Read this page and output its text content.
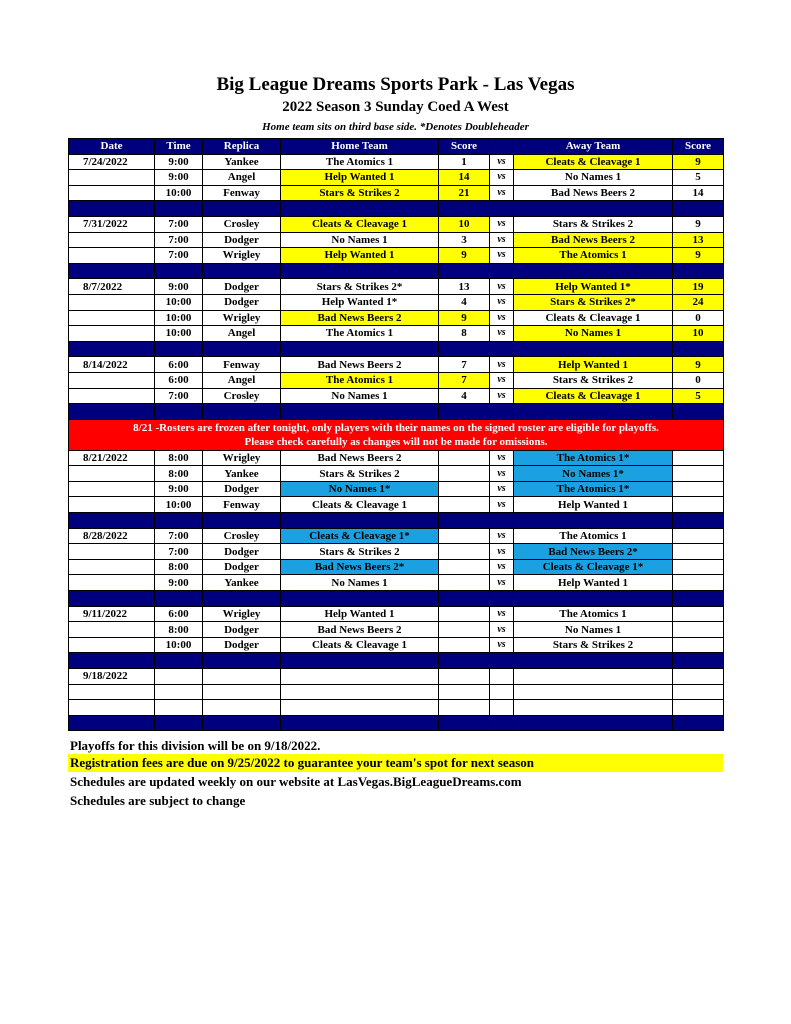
Big League Dreams Sports Park - Las Vegas
2022 Season 3 Sunday Coed A West
Home team sits on third base side. *Denotes Doubleheader
Date	Time	Replica	Home Team	Score		Away Team	Score
7/24/2022	9:00	Yankee	The Atomics 1	1	vs	Cleats & Cleavage 1	9
	9:00	Angel	Help Wanted 1	14	vs	No Names 1	5
	10:00	Fenway	Stars & Strikes 2	21	vs	Bad News Beers 2	14

7/31/2022	7:00	Crosley	Cleats & Cleavage 1	10	vs	Stars & Strikes 2	9
	7:00	Dodger	No Names 1	3	vs	Bad News Beers 2	13
	7:00	Wrigley	Help Wanted 1	9	vs	The Atomics 1	9

8/7/2022	9:00	Dodger	Stars & Strikes 2*	13	vs	Help Wanted 1*	19
	10:00	Dodger	Help Wanted 1*	4	vs	Stars & Strikes 2*	24
	10:00	Wrigley	Bad News Beers 2	9	vs	Cleats & Cleavage 1	0
	10:00	Angel	The Atomics 1	8	vs	No Names 1	10

8/14/2022	6:00	Fenway	Bad News Beers 2	7	vs	Help Wanted 1	9
	6:00	Angel	The Atomics 1	7	vs	Stars & Strikes 2	0
	7:00	Crosley	No Names 1	4	vs	Cleats & Cleavage 1	5

8/21 -Rosters are frozen after tonight, only players with their names on the signed roster are eligible for playoffs.
Please check carefully as changes will not be made for omissions.							

8/21/2022	8:00	Wrigley	Bad News Beers 2		vs	The Atomics 1*	
	8:00	Yankee	Stars & Strikes 2		vs	No Names 1*	
	9:00	Dodger	No Names 1*		vs	The Atomics 1*	
	10:00	Fenway	Cleats & Cleavage 1		vs	Help Wanted 1	

8/28/2022	7:00	Crosley	Cleats & Cleavage 1*		vs	The Atomics 1	
	7:00	Dodger	Stars & Strikes 2		vs	Bad News Beers 2*	
	8:00	Dodger	Bad News Beers 2*		vs	Cleats & Cleavage 1*	
	9:00	Yankee	No Names 1		vs	Help Wanted 1	

9/11/2022	6:00	Wrigley	Help Wanted 1		vs	The Atomics 1	
	8:00	Dodger	Bad News Beers 2		vs	No Names 1	
	10:00	Dodger	Cleats & Cleavage 1		vs	Stars & Strikes 2	

9/18/2022							

Playoffs for this division will be on 9/18/2022.
Registration fees are due on 9/25/2022 to guarantee your team's spot for next season
Schedules are updated weekly on our website at LasVegas.BigLeagueDreams.com
Schedules are subject to change
